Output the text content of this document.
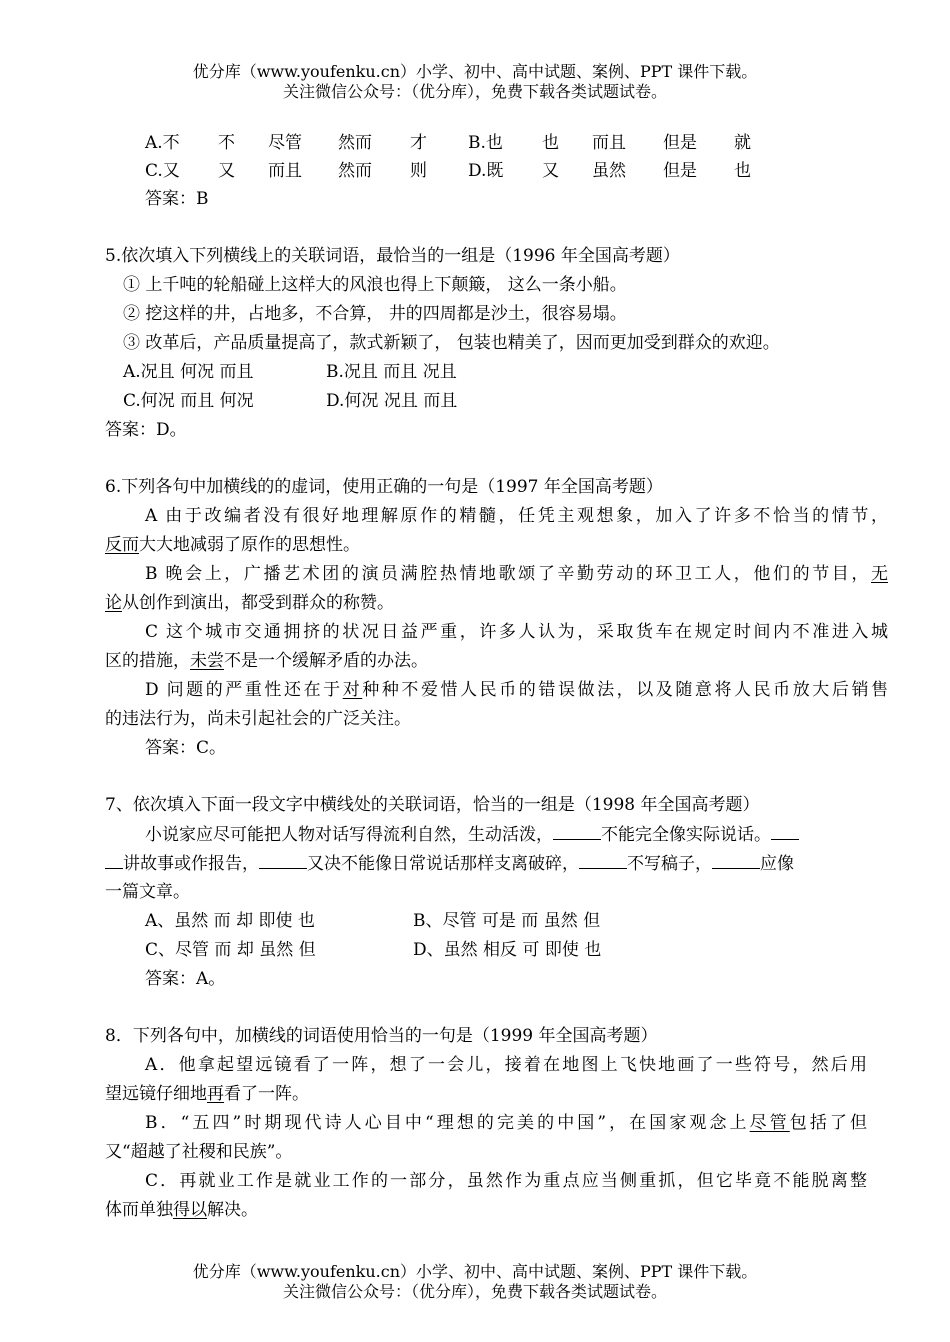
优分库（www.youfenku.cn）小学、初中、高中试题、案例、PPT 课件下载。
关注微信公众号：（优分库），免费下载各类试题试卷。
A.不 不 尽管 然而 才 B.也 也 而且 但是 就
C.又 又 而且 然而 则 D.既 又 虽然 但是 也
答案：B
5.依次填入下列横线上的关联词语，最恰当的一组是（1996 年全国高考题）
① 上千吨的轮船碰上这样大的风浪也得上下颠簸， 这么一条小船。
② 挖这样的井，占地多，不合算， 井的四周都是沙土，很容易塌。
③ 改革后，产品质量提高了，款式新颖了， 包装也精美了，因而更加受到群众的欢迎。
A.况且 何况 而且	B.况且 而且 况且
C.何况 而且 何况	D.何况 况且 而且
答案：D。
6.下列各句中加横线的的虚词，使用正确的一句是（1997 年全国高考题）
A 由于改编者没有很好地理解原作的精髓，任凭主观想象，加入了许多不恰当的情节，
反而大大地减弱了原作的思想性。
B 晚会上，广播艺术团的演员满腔热情地歌颂了辛勤劳动的环卫工人，他们的节目，无
论从创作到演出，都受到群众的称赞。
C 这个城市交通拥挤的状况日益严重，许多人认为，采取货车在规定时间内不准进入城
区的措施，未尝不是一个缓解矛盾的办法。
D 问题的严重性还在于对种种不爱惜人民币的错误做法，以及随意将人民币放大后销售
的违法行为，尚未引起社会的广泛关注。
答案：C。
7、依次填入下面一段文字中横线处的关联词语，恰当的一组是（1998 年全国高考题）
小说家应尽可能把人物对话写得流利自然，生动活泼，	不能完全像实际说话。
讲故事或作报告，	又决不能像日常说话那样支离破碎，	不写稿子，	应像
一篇文章。
A、虽然 而 却 即使 也	B、尽管 可是 而 虽然 但
C、尽管 而 却 虽然 但	D、虽然 相反 可 即使 也
答案：A。
8．下列各句中，加横线的词语使用恰当的一句是（1999 年全国高考题）
A．他拿起望远镜看了一阵，想了一会儿，接着在地图上飞快地画了一些符号，然后用
望远镜仔细地再看了一阵。
B．“五四”时期现代诗人心目中“理想的完美的中国”，在国家观念上尽管包括了但
又“超越了社稷和民族”。
C．再就业工作是就业工作的一部分，虽然作为重点应当侧重抓，但它毕竟不能脱离整
体而单独得以解决。
优分库（www.youfenku.cn）小学、初中、高中试题、案例、PPT 课件下载。
关注微信公众号：（优分库），免费下载各类试题试卷。
